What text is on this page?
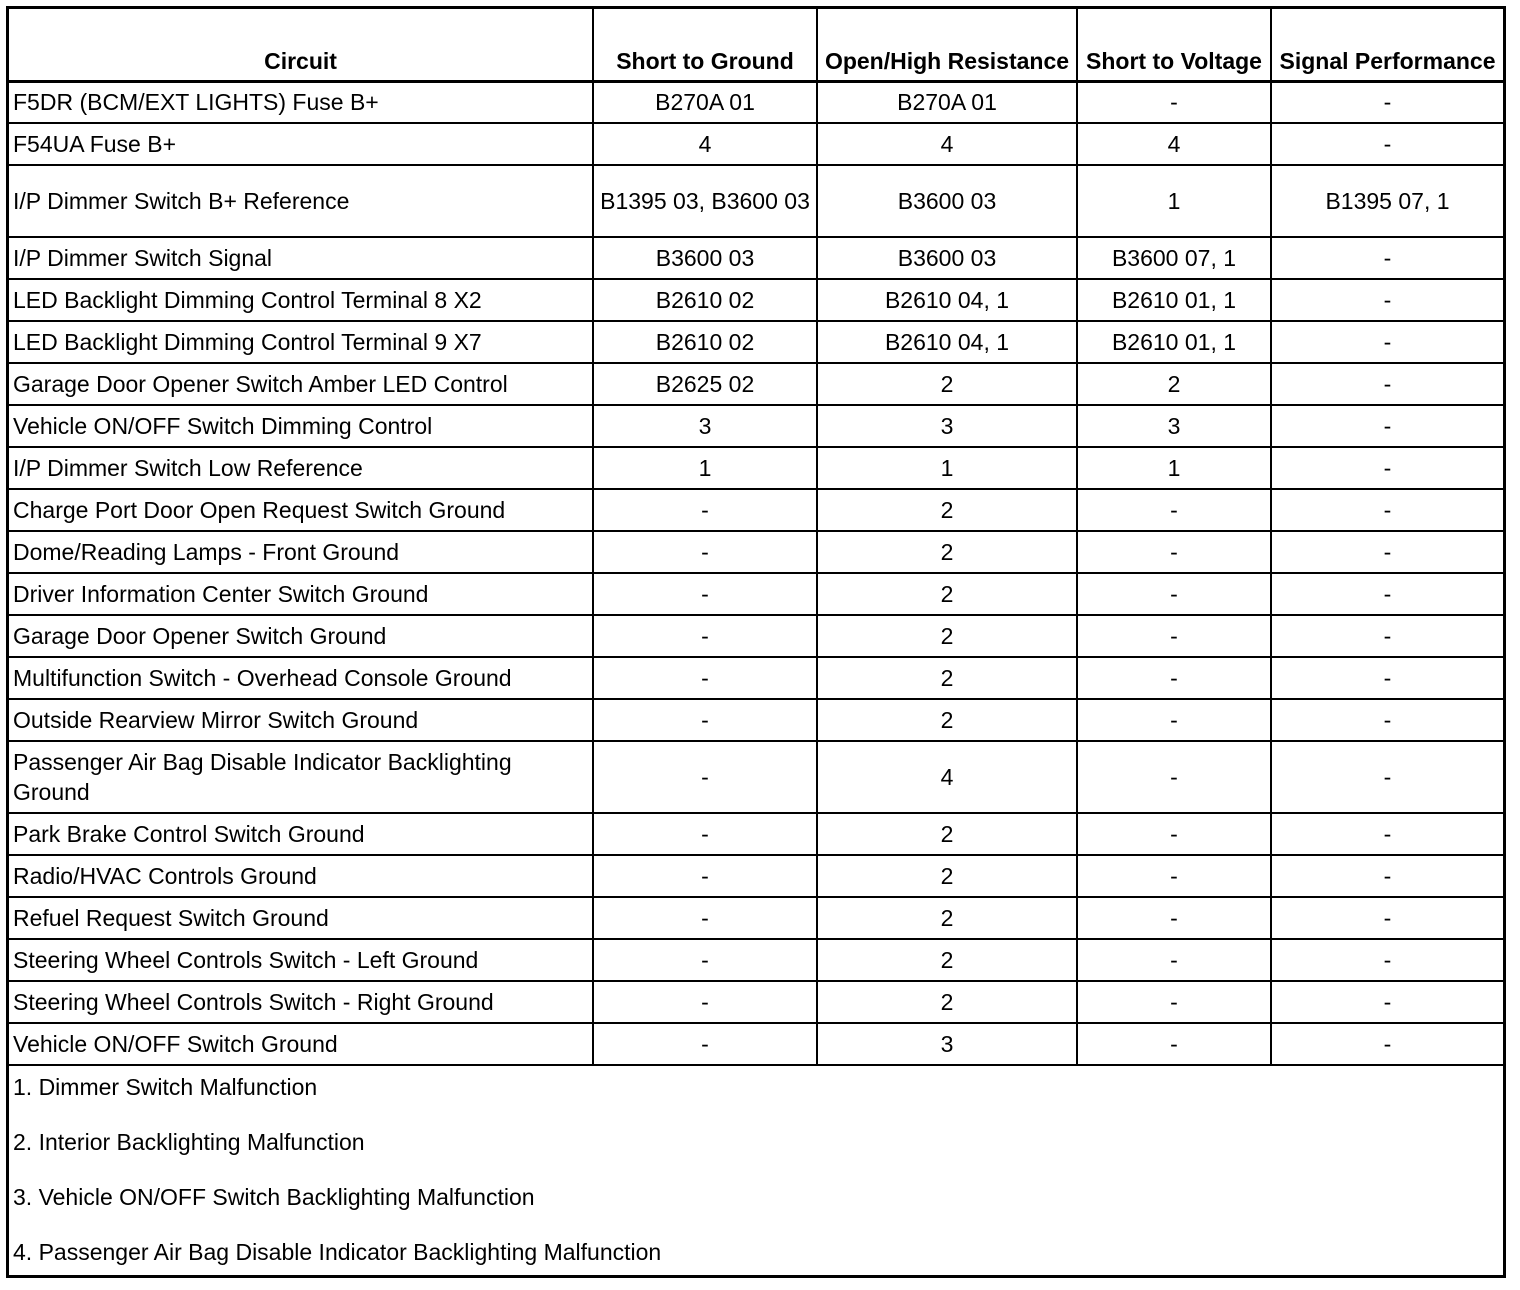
Circuit	Short to Ground	Open/High Resistance	Short to Voltage	Signal Performance
F5DR (BCM/EXT LIGHTS) Fuse B+	B270A 01	B270A 01	-	-
F54UA Fuse B+	4	4	4	-
I/P Dimmer Switch B+ Reference	B1395 03, B3600 03	B3600 03	1	B1395 07, 1
I/P Dimmer Switch Signal	B3600 03	B3600 03	B3600 07, 1	-
LED Backlight Dimming Control Terminal 8 X2	B2610 02	B2610 04, 1	B2610 01, 1	-
LED Backlight Dimming Control Terminal 9 X7	B2610 02	B2610 04, 1	B2610 01, 1	-
Garage Door Opener Switch Amber LED Control	B2625 02	2	2	-
Vehicle ON/OFF Switch Dimming Control	3	3	3	-
I/P Dimmer Switch Low Reference	1	1	1	-
Charge Port Door Open Request Switch Ground	-	2	-	-
Dome/Reading Lamps - Front Ground	-	2	-	-
Driver Information Center Switch Ground	-	2	-	-
Garage Door Opener Switch Ground	-	2	-	-
Multifunction Switch - Overhead Console Ground	-	2	-	-
Outside Rearview Mirror Switch Ground	-	2	-	-
Passenger Air Bag Disable Indicator Backlighting Ground	-	4	-	-
Park Brake Control Switch Ground	-	2	-	-
Radio/HVAC Controls Ground	-	2	-	-
Refuel Request Switch Ground	-	2	-	-
Steering Wheel Controls Switch - Left Ground	-	2	-	-
Steering Wheel Controls Switch - Right Ground	-	2	-	-
Vehicle ON/OFF Switch Ground	-	3	-	-
1. Dimmer Switch Malfunction
2. Interior Backlighting Malfunction
3. Vehicle ON/OFF Switch Backlighting Malfunction
4. Passenger Air Bag Disable Indicator Backlighting Malfunction
